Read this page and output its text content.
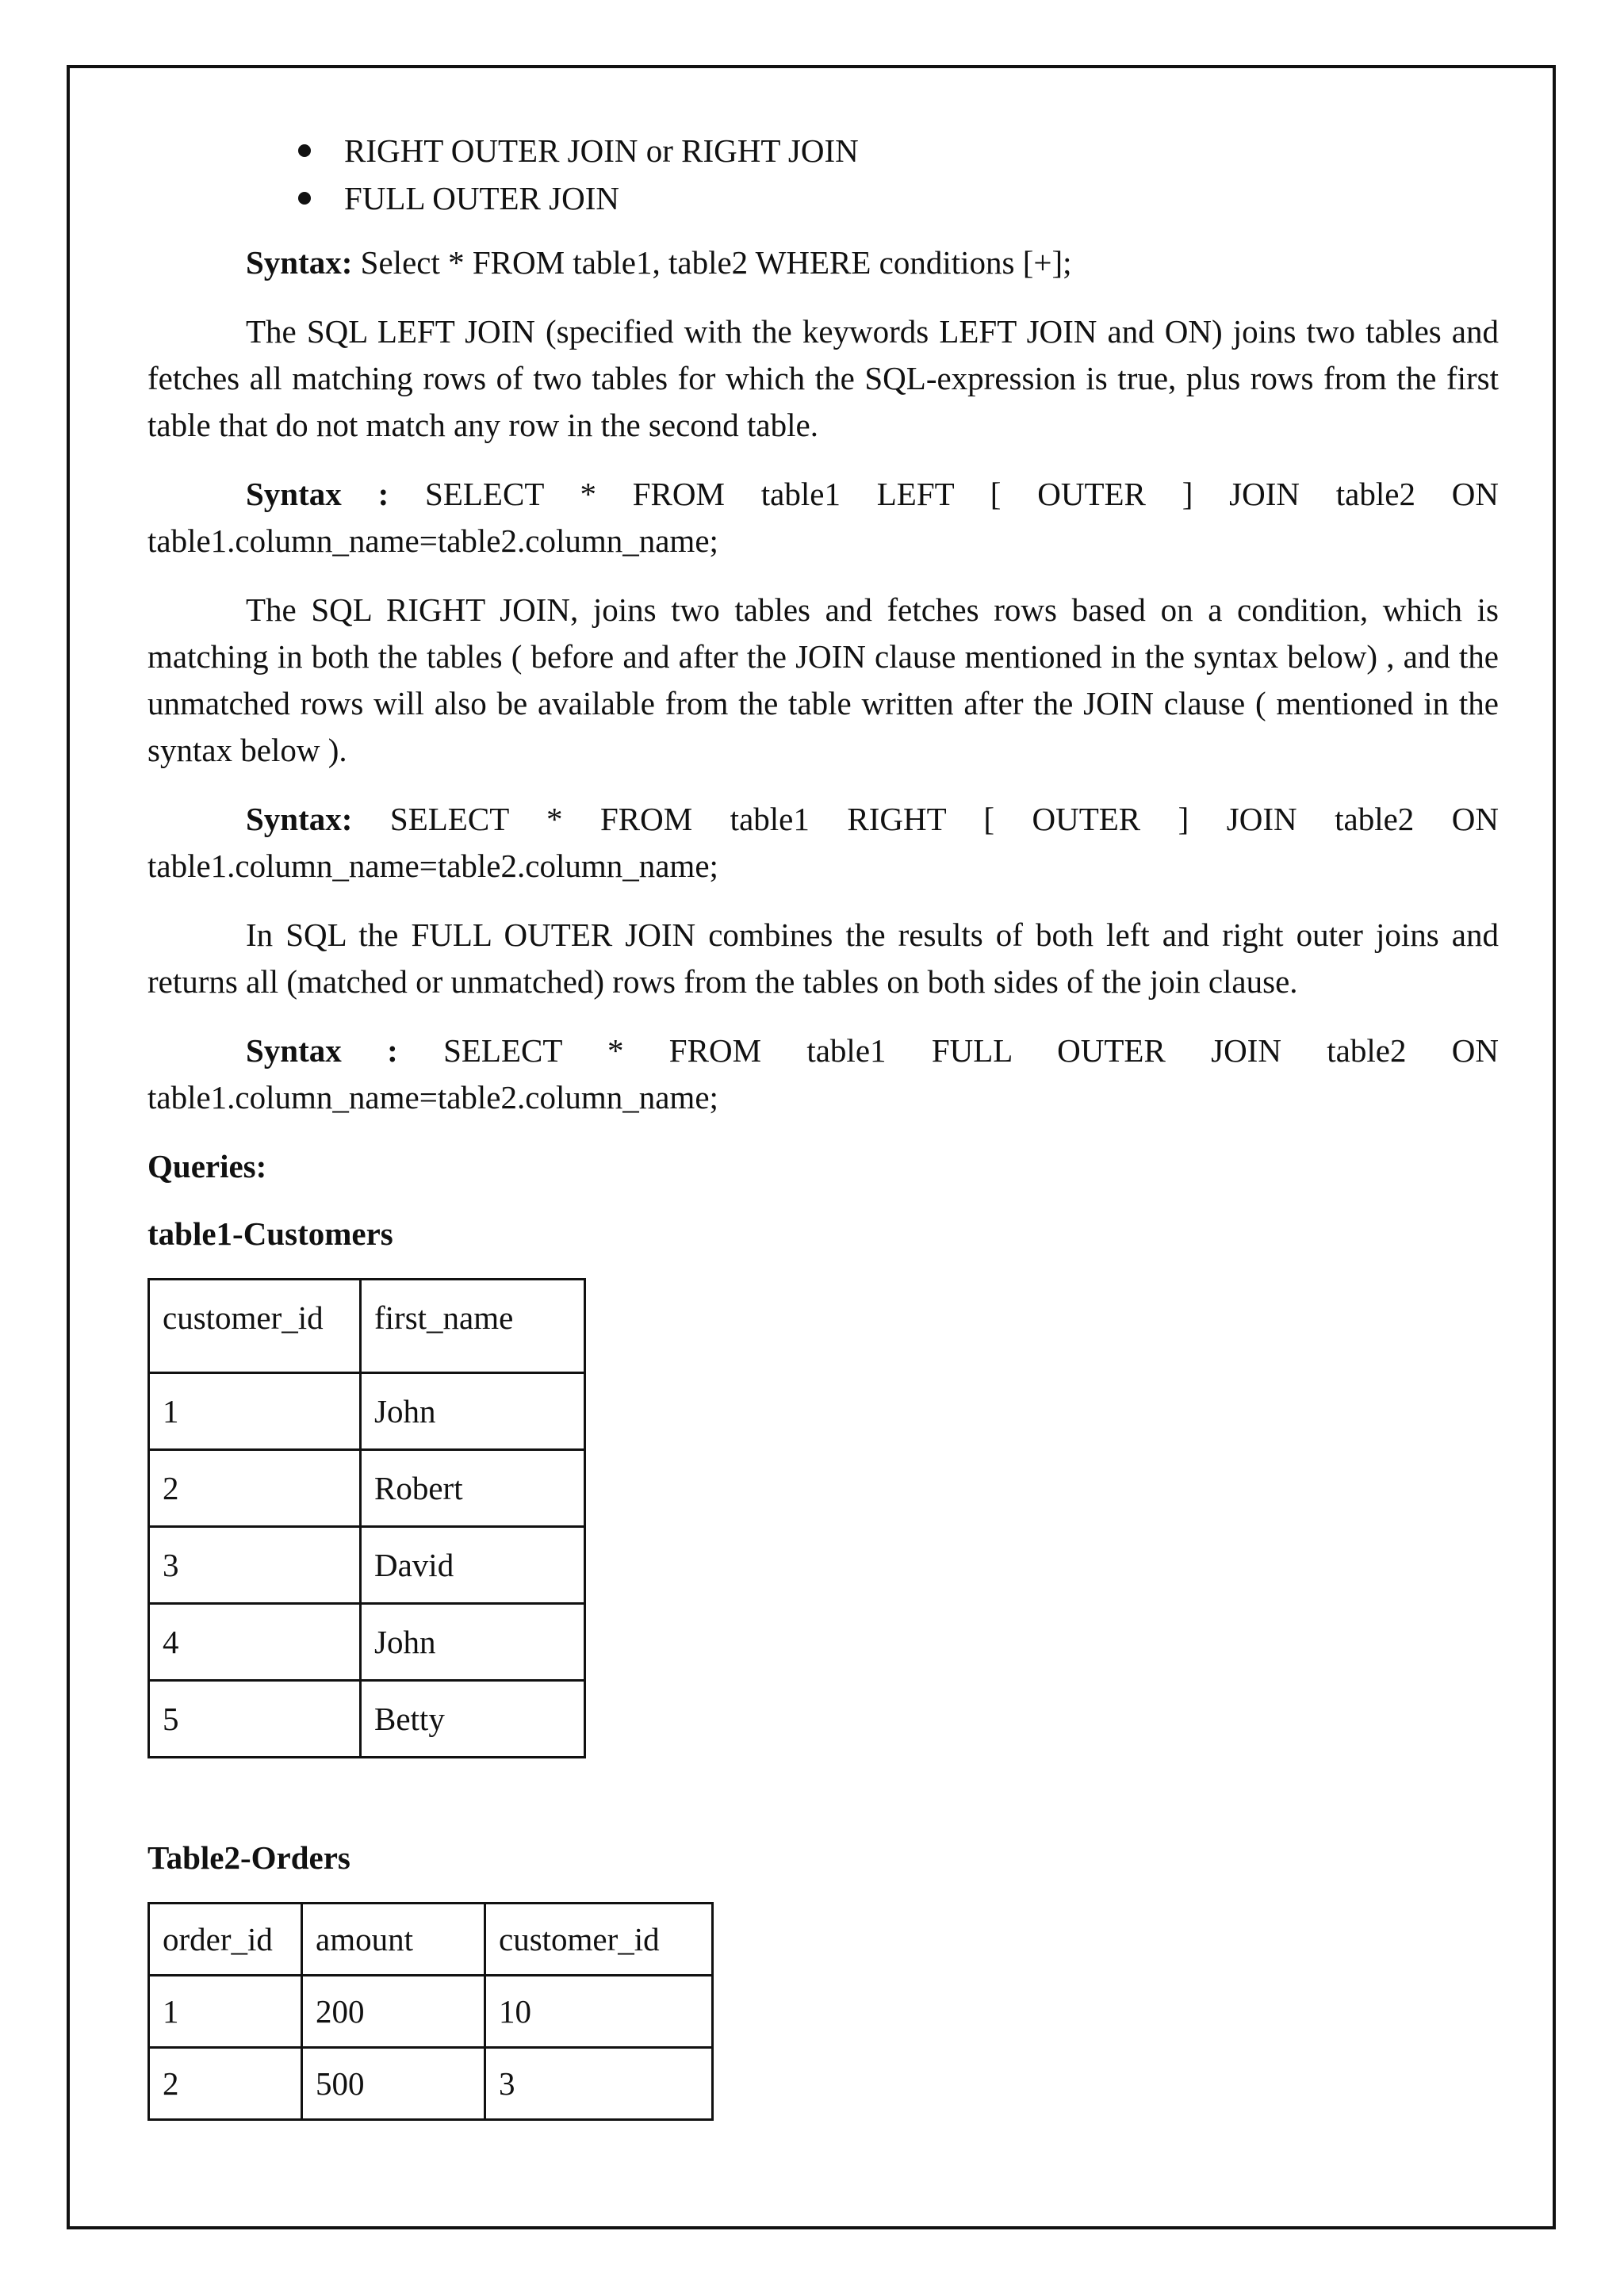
RIGHT OUTER JOIN or RIGHT JOIN
FULL OUTER JOIN

Syntax: Select * FROM table1, table2 WHERE conditions [+];

The SQL LEFT JOIN (specified with the keywords LEFT JOIN and ON) joins two tables and fetches all matching rows of two tables for which the SQL-expression is true, plus rows from the first table that do not match any row in the second table.

Syntax : SELECT * FROM table1 LEFT [ OUTER ] JOIN table2 ON

table1.column_name=table2.column_name;

The SQL RIGHT JOIN, joins two tables and fetches rows based on a condition, which is matching in both the tables ( before and after the JOIN clause mentioned in the syntax below) , and the unmatched rows will also be available from the table written after the JOIN clause ( mentioned in the syntax below ).

Syntax: SELECT * FROM table1 RIGHT [ OUTER ] JOIN table2 ON

table1.column_name=table2.column_name;

In SQL the FULL OUTER JOIN combines the results of both left and right outer joins and returns all (matched or unmatched) rows from the tables on both sides of the join clause.

Syntax : SELECT * FROM table1 FULL OUTER JOIN table2 ON

table1.column_name=table2.column_name;

Queries:
table1-Customers
customer_id	first_name
1	John
2	Robert
3	David
4	John
5	Betty
Table2-Orders
order_id	amount	customer_id
1	200	10
2	500	3
